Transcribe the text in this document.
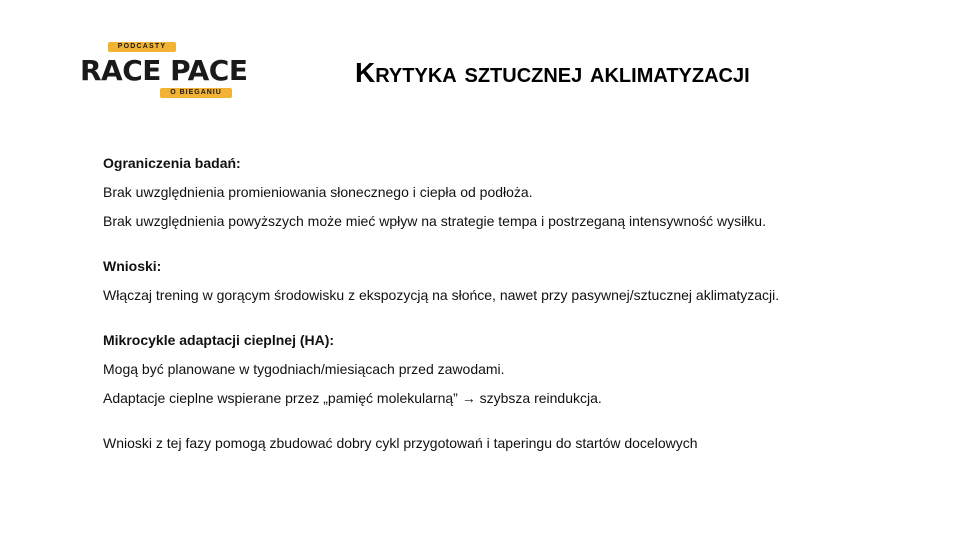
PODCASTY
RACE PACE
O BIEGANIU
Krytyka sztucznej aklimatyzacji

Ograniczenia badań:

Brak uwzględnienia promieniowania słonecznego i ciepła od podłoża.

Brak uwzględnienia powyższych może mieć wpływ na strategie tempa i postrzeganą intensywność wysiłku.

Wnioski:

Włączaj trening w gorącym środowisku z ekspozycją na słońce, nawet przy pasywnej/sztucznej aklimatyzacji.

Mikrocykle adaptacji cieplnej (HA):

Mogą być planowane w tygodniach/miesiącach przed zawodami.

Adaptacje cieplne wspierane przez „pamięć molekularną” → szybsza reindukcja.

Wnioski z tej fazy pomogą zbudować dobry cykl przygotowań i taperingu do startów docelowych
